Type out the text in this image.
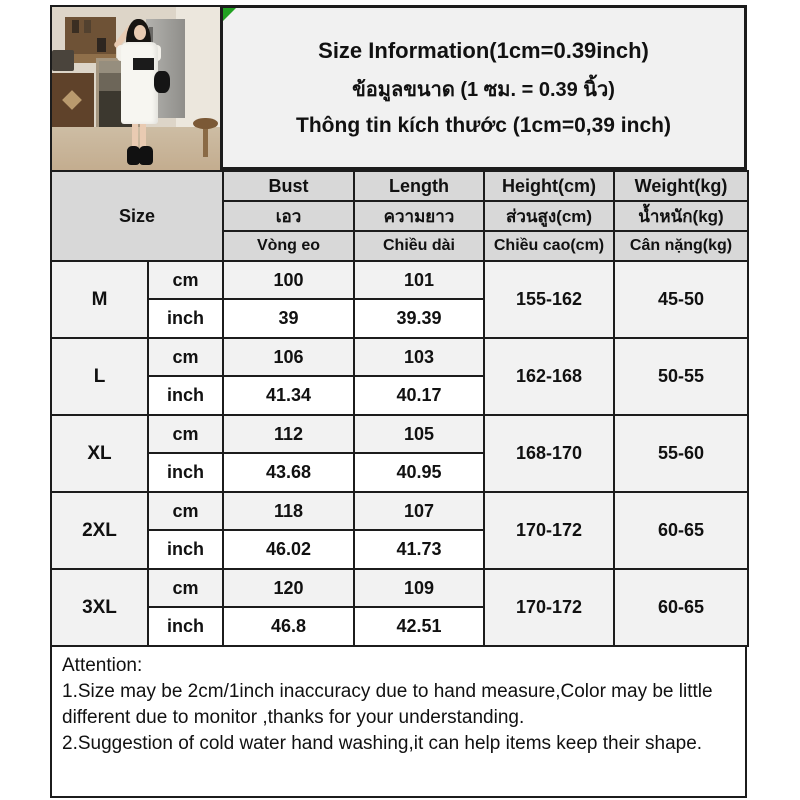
Size Information(1cm=0.39inch)
ข้อมูลขนาด (1 ซม. = 0.39 นิ้ว)
Thông tin kích thước (1cm=0,39 inch)
Size		Bust	Length	Height(cm)	Weight(kg)
		เอว	ความยาว	ส่วนสูง(cm)	น้ำหนัก(kg)
		Vòng eo	Chiều dài	Chiều cao(cm)	Cân nặng(kg)
M	cm	100	101	155-162	45-50
	inch	39	39.39		
L	cm	106	103	162-168	50-55
	inch	41.34	40.17		
XL	cm	112	105	168-170	55-60
	inch	43.68	40.95		
2XL	cm	118	107	170-172	60-65
	inch	46.02	41.73		
3XL	cm	120	109	170-172	60-65
	inch	46.8	42.51		
Attention:
1.Size may be 2cm/1inch inaccuracy due to hand measure,Color may be little different due to monitor ,thanks for your understanding.
2.Suggestion of cold water hand washing,it can help items keep their shape.
